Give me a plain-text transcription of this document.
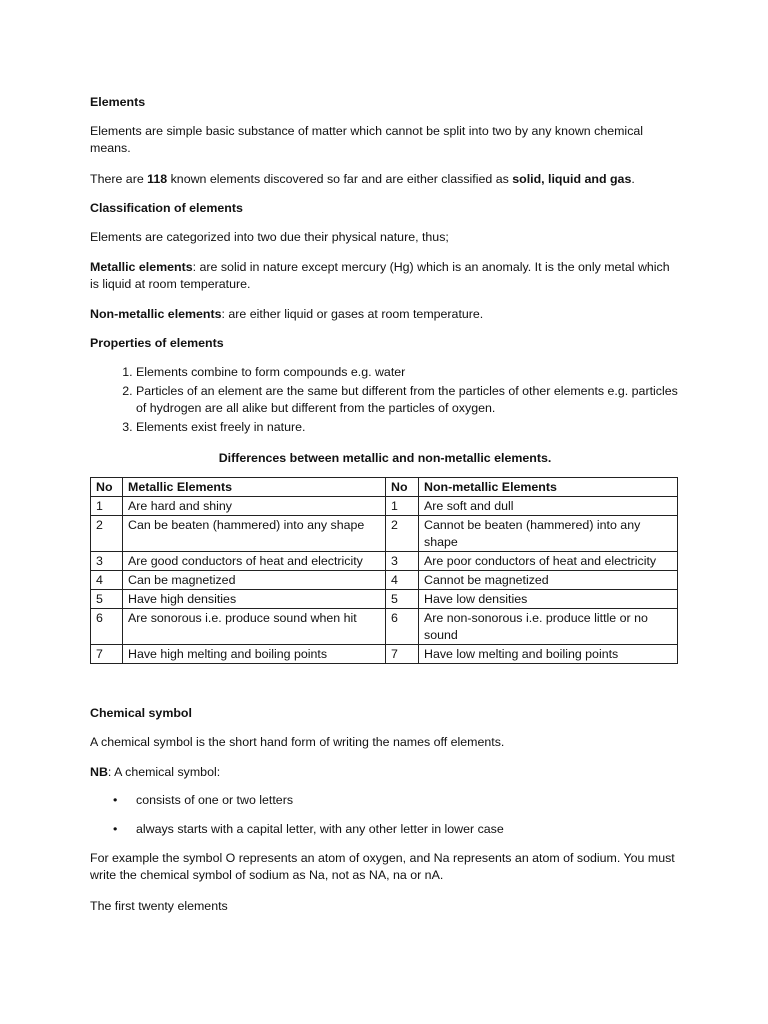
Elements

Elements are simple basic substance of matter which cannot be split into two by any known chemical means.

There are 118 known elements discovered so far and are either classified as solid, liquid and gas.

Classification of elements

Elements are categorized into two due their physical nature, thus;

Metallic elements: are solid in nature except mercury (Hg) which is an anomaly. It is the only metal which is liquid at room temperature.

Non-metallic elements: are either liquid or gases at room temperature.

Properties of elements

1. Elements combine to form compounds e.g. water
2. Particles of an element are the same but different from the particles of other elements e.g. particles of hydrogen are all alike but different from the particles of oxygen.
3. Elements exist freely in nature.

Differences between metallic and non-metallic elements.

No	Metallic Elements	No	Non-metallic Elements
1	Are hard and shiny	1	Are soft and dull
2	Can be beaten (hammered) into any shape	2	Cannot be beaten (hammered) into any shape
3	Are good conductors of heat and electricity	3	Are poor conductors of heat and electricity
4	Can be magnetized	4	Cannot be magnetized
5	Have high densities	5	Have low densities
6	Are sonorous i.e. produce sound when hit	6	Are non-sonorous i.e. produce little or no sound
7	Have high melting and boiling points	7	Have low melting and boiling points

Chemical symbol

A chemical symbol is the short hand form of writing the names off elements.

NB: A chemical symbol:

• consists of one or two letters
• always starts with a capital letter, with any other letter in lower case

For example the symbol O represents an atom of oxygen, and Na represents an atom of sodium. You must write the chemical symbol of sodium as Na, not as NA, na or nA.

The first twenty elements
